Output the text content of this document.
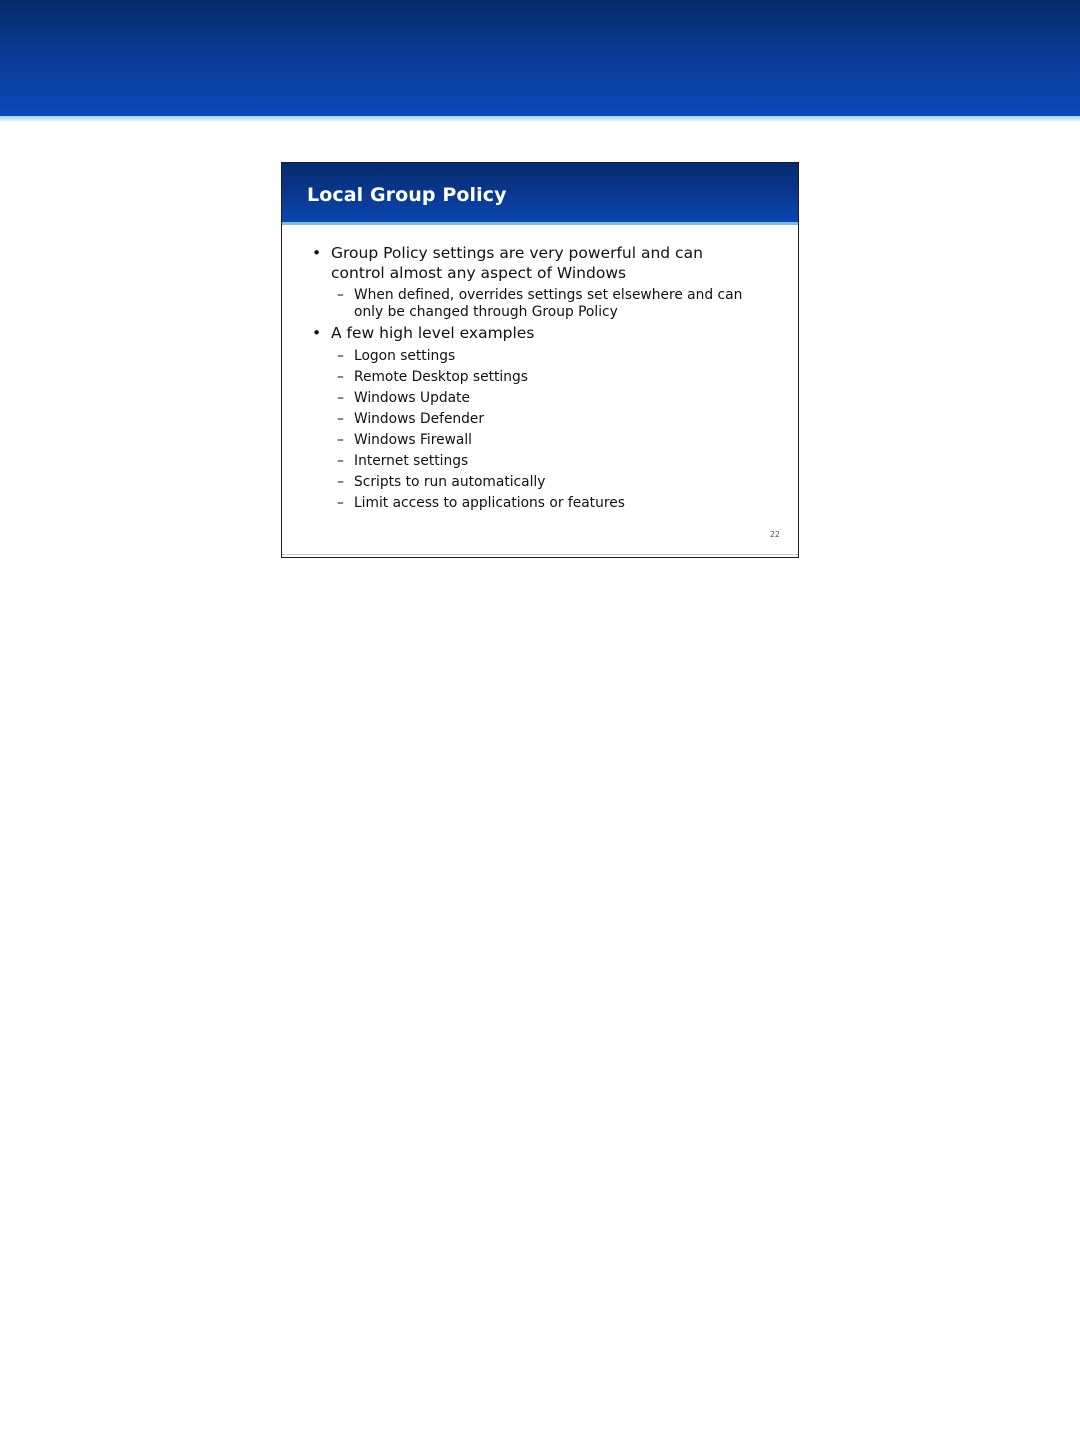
Local Group Policy
• Group Policy settings are very powerful and can control almost any aspect of Windows
– When defined, overrides settings set elsewhere and can only be changed through Group Policy
• A few high level examples
– Logon settings
– Remote Desktop settings
– Windows Update
– Windows Defender
– Windows Firewall
– Internet settings
– Scripts to run automatically
– Limit access to applications or features
22
